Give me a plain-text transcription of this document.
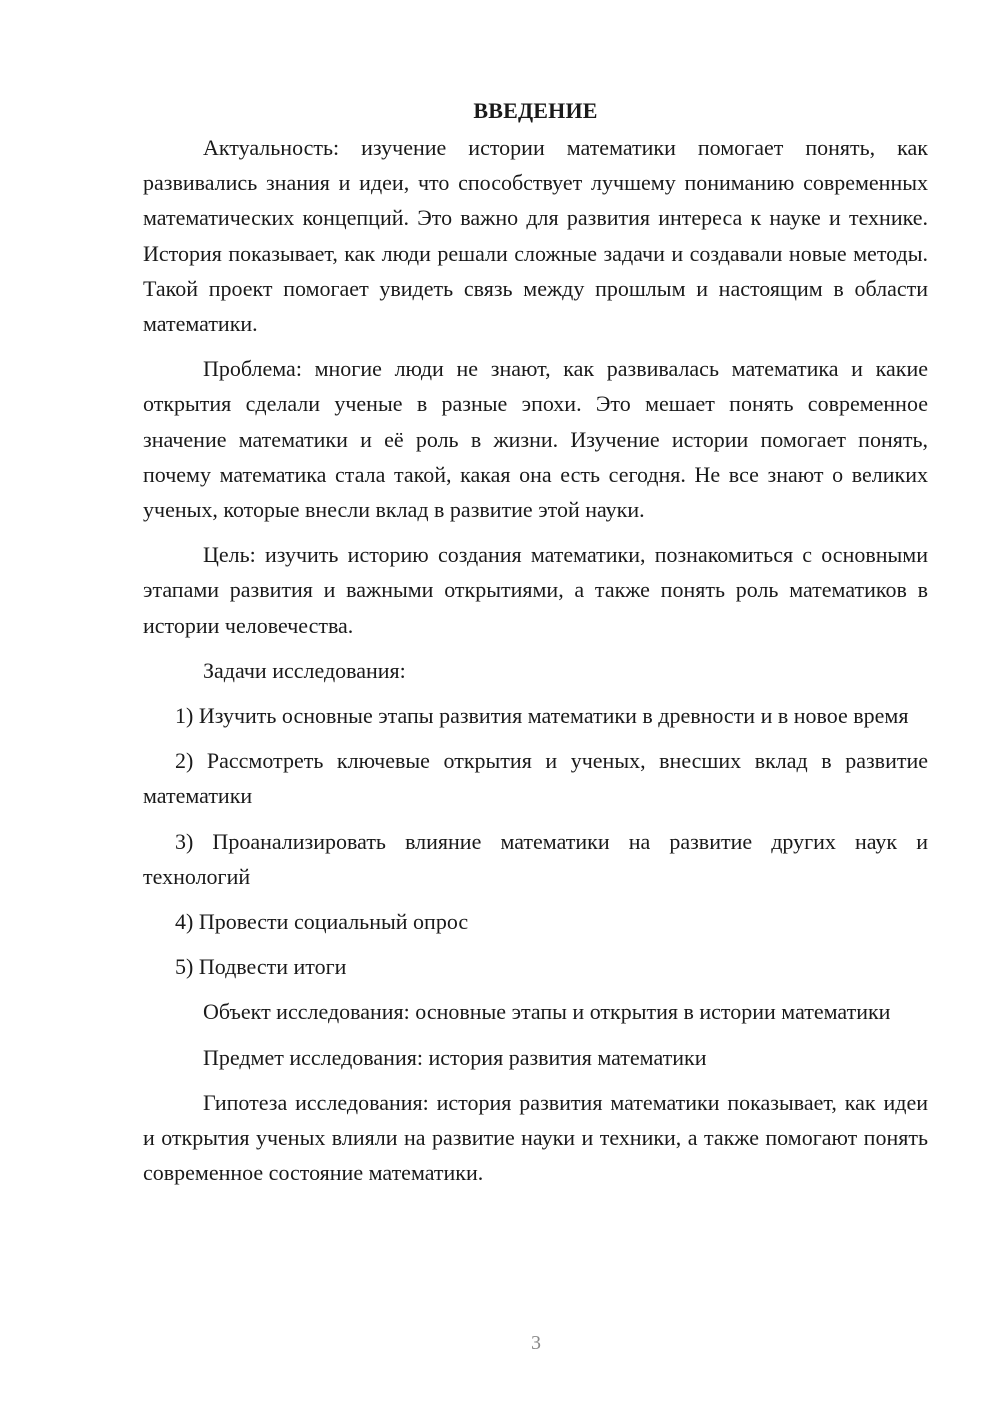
ВВЕДЕНИЕ

Актуальность: изучение истории математики помогает понять, как развивались знания и идеи, что способствует лучшему пониманию современных математических концепций. Это важно для развития интереса к науке и технике. История показывает, как люди решали сложные задачи и создавали новые методы. Такой проект помогает увидеть связь между прошлым и настоящим в области математики.

Проблема: многие люди не знают, как развивалась математика и какие открытия сделали ученые в разные эпохи. Это мешает понять современное значение математики и её роль в жизни. Изучение истории помогает понять, почему математика стала такой, какая она есть сегодня. Не все знают о великих ученых, которые внесли вклад в развитие этой науки.

Цель: изучить историю создания математики, познакомиться с основными этапами развития и важными открытиями, а также понять роль математиков в истории человечества.

Задачи исследования:

1) Изучить основные этапы развития математики в древности и в новое время

2) Рассмотреть ключевые открытия и ученых, внесших вклад в развитие математики

3) Проанализировать влияние математики на развитие других наук и технологий

4) Провести социальный опрос

5) Подвести итоги

Объект исследования: основные этапы и открытия в истории математики

Предмет исследования: история развития математики

Гипотеза исследования: история развития математики показывает, как идеи и открытия ученых влияли на развитие науки и техники, а также помогают понять современное состояние математики.

3
